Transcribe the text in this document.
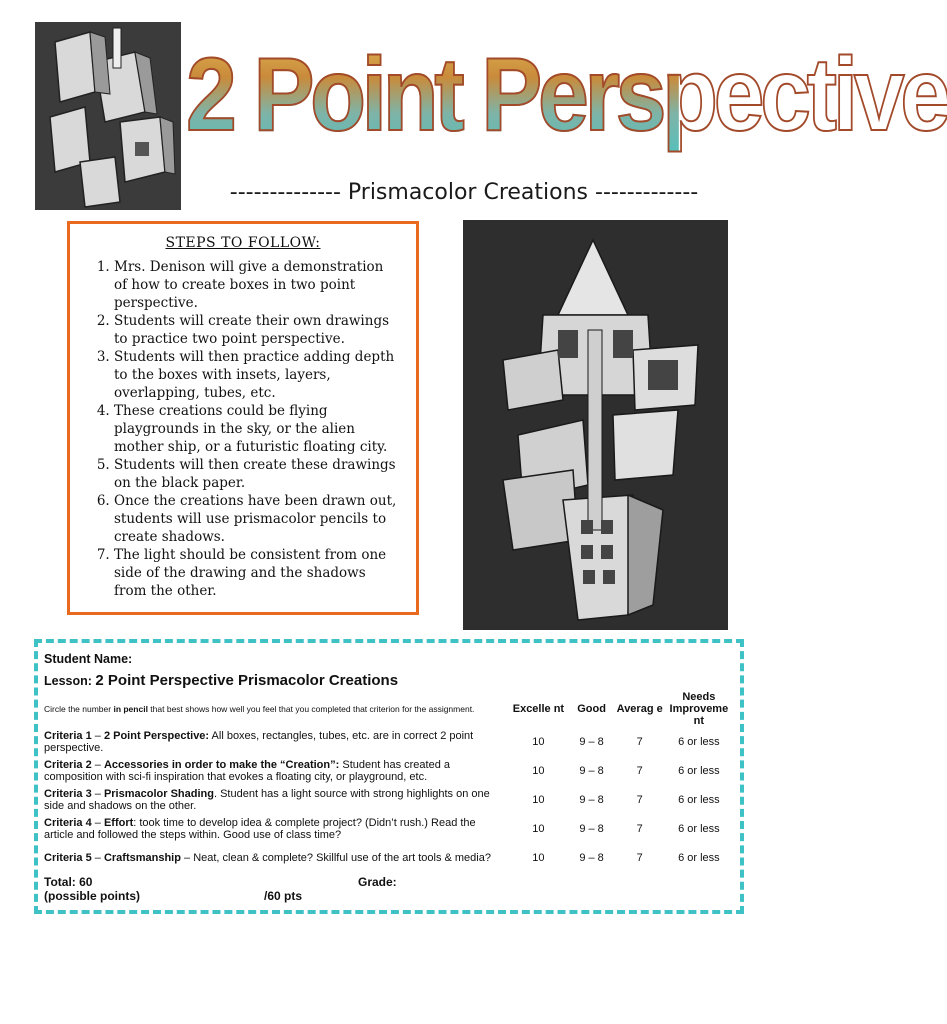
2 Point Perspective
-------------- Prismacolor Creations -------------
STEPS TO FOLLOW:
1. Mrs. Denison will give a demonstration of how to create boxes in two point perspective.
2. Students will create their own drawings to practice two point perspective.
3. Students will then practice adding depth to the boxes with insets, layers, overlapping, tubes, etc.
4. These creations could be flying playgrounds in the sky, or the alien mother ship, or a futuristic floating city.
5. Students will then create these drawings on the black paper.
6. Once the creations have been drawn out, students will use prismacolor pencils to create shadows.
7. The light should be consistent from one side of the drawing and the shadows from the other.
Student Name:
Lesson: 2 Point Perspective Prismacolor Creations
Circle the number in pencil that best shows how well you feel that you completed that criterion for the assignment.	Excelle nt	Good	Averag e	Needs Improveme nt
Criteria 1 – 2 Point Perspective: All boxes, rectangles, tubes, etc. are in correct 2 point perspective.	10	9 – 8	7	6 or less
Criteria 2 – Accessories in order to make the “Creation”: Student has created a composition with sci-fi inspiration that evokes a floating city, or playground, etc.	10	9 – 8	7	6 or less
Criteria 3 – Prismacolor Shading. Student has a light source with strong highlights on one side and shadows on the other.	10	9 – 8	7	6 or less
Criteria 4 – Effort: took time to develop idea & complete project? (Didn’t rush.) Read the article and followed the steps within. Good use of class time?	10	9 – 8	7	6 or less
Criteria 5 – Craftsmanship – Neat, clean & complete? Skillful use of the art tools & media?	10	9 – 8	7	6 or less
Total: 60	Grade:
(possible points)	/60 pts
